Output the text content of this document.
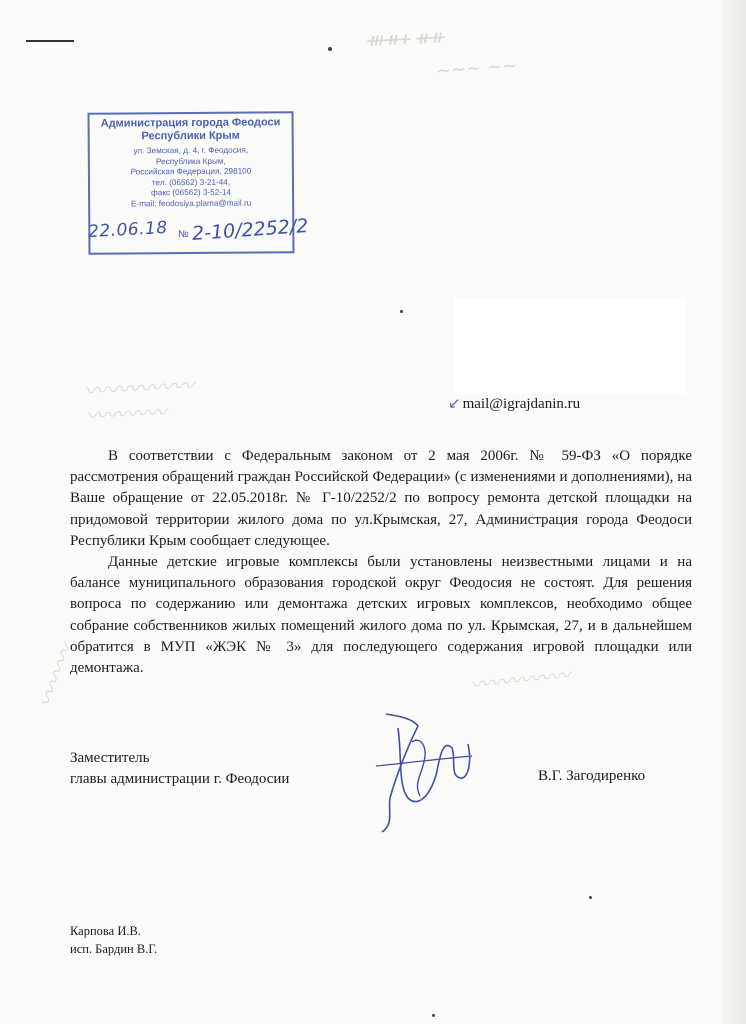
ᚒᚑᚐ ᚑᚑ
~~~ ~~
〰〰〰〰〰
〰〰〰〰
〰〰〰〰〰
〰〰〰
Администрация города Феодоси
Республики Крым
ул. Земская, д. 4, г. Феодосия,
Республика Крым,
Российская Федерация, 298100
тел. (06562) 3-21-44,
факс (06562) 3-52-14
E-mail: feodosiya.plama@mail.ru
22.06.18 № 2-10/2252/2
↙ mail@igrajdanin.ru

В соответствии с Федеральным законом от 2 мая 2006г. № 59-ФЗ «О порядке рассмотрения обращений граждан Российской Федерации» (с изменениями и дополнениями), на Ваше обращение от 22.05.2018г. № Г-10/2252/2 по вопросу ремонта детской площадки на придомовой территории жилого дома по ул.Крымская, 27, Администрация города Феодоси Республики Крым сообщает следующее.

Данные детские игровые комплексы были установлены неизвестными лицами и на балансе муниципального образования городской округ Феодосия не состоят. Для решения вопроса по содержанию или демонтажа детских игровых комплексов, необходимо общее собрание собственников жилых помещений жилого дома по ул. Крымская, 27, и в дальнейшем обратится в МУП «ЖЭК № 3» для последующего содержания игровой площадки или демонтажа.

Заместитель
главы администрации г. Феодосии	В.Г. Загодиренко
Карпова И.В.
исп. Бардин В.Г.
